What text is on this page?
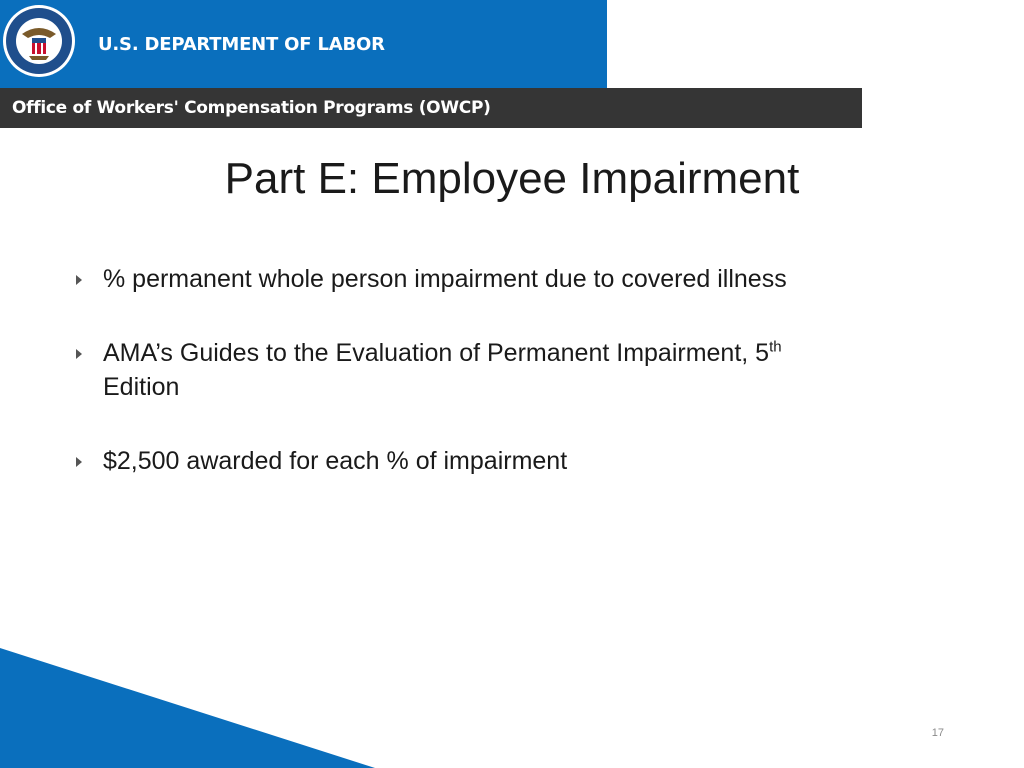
U.S. DEPARTMENT OF LABOR
Office of Workers' Compensation Programs (OWCP)
Part E: Employee Impairment
% permanent whole person impairment due to covered illness
AMA’s Guides to the Evaluation of Permanent Impairment, 5th
Edition
$2,500 awarded for each % of impairment
17
